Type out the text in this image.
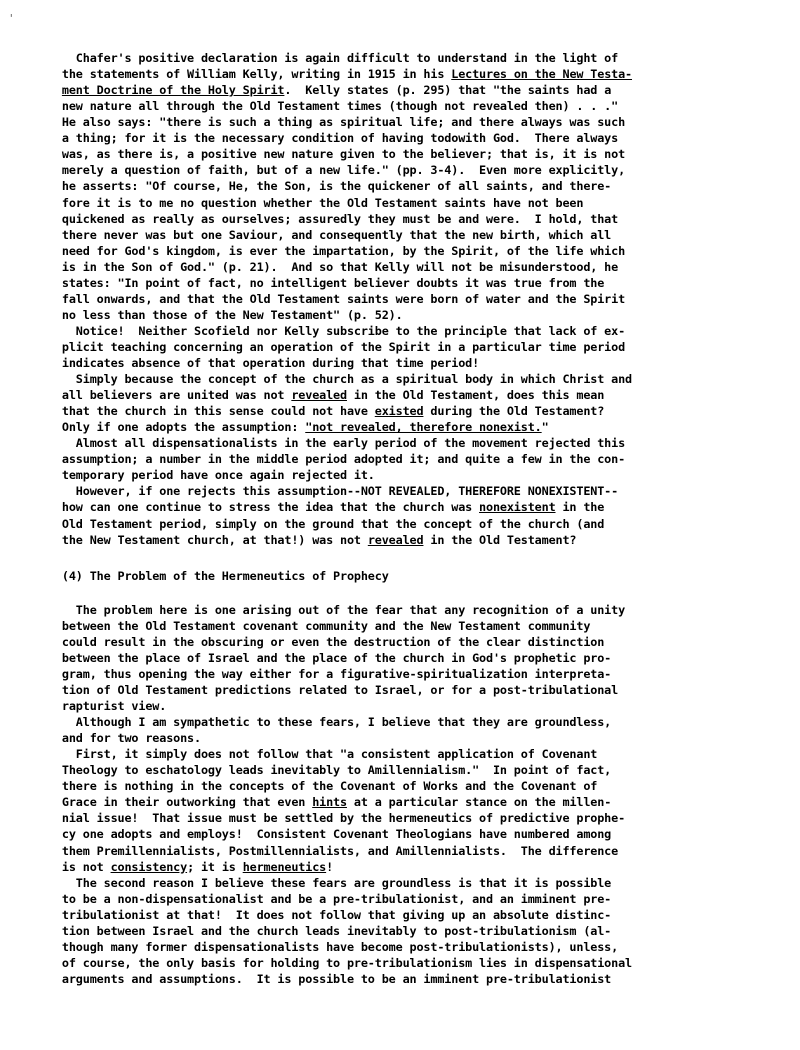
'
Chafer's positive declaration is again difficult to understand in the light of
the statements of William Kelly, writing in 1915 in his Lectures on the New Testa-
ment Doctrine of the Holy Spirit.  Kelly states (p. 295) that "the saints had a
new nature all through the Old Testament times (though not revealed then) . . ."
He also says: "there is such a thing as spiritual life; and there always was such
a thing; for it is the necessary condition of having todowith God.  There always
was, as there is, a positive new nature given to the believer; that is, it is not
merely a question of faith, but of a new life." (pp. 3-4).  Even more explicitly,
he asserts: "Of course, He, the Son, is the quickener of all saints, and there-
fore it is to me no question whether the Old Testament saints have not been
quickened as really as ourselves; assuredly they must be and were.  I hold, that
there never was but one Saviour, and consequently that the new birth, which all
need for God's kingdom, is ever the impartation, by the Spirit, of the life which
is in the Son of God." (p. 21).  And so that Kelly will not be misunderstood, he
states: "In point of fact, no intelligent believer doubts it was true from the
fall onwards, and that the Old Testament saints were born of water and the Spirit
no less than those of the New Testament" (p. 52).
Notice!  Neither Scofield nor Kelly subscribe to the principle that lack of ex-
plicit teaching concerning an operation of the Spirit in a particular time period
indicates absence of that operation during that time period!
Simply because the concept of the church as a spiritual body in which Christ and
all believers are united was not revealed in the Old Testament, does this mean
that the church in this sense could not have existed during the Old Testament?
Only if one adopts the assumption: "not revealed, therefore nonexist."
Almost all dispensationalists in the early period of the movement rejected this
assumption; a number in the middle period adopted it; and quite a few in the con-
temporary period have once again rejected it.
However, if one rejects this assumption--NOT REVEALED, THEREFORE NONEXISTENT--
how can one continue to stress the idea that the church was nonexistent in the
Old Testament period, simply on the ground that the concept of the church (and
the New Testament church, at that!) was not revealed in the Old Testament?
(4) The Problem of the Hermeneutics of Prophecy
The problem here is one arising out of the fear that any recognition of a unity
between the Old Testament covenant community and the New Testament community
could result in the obscuring or even the destruction of the clear distinction
between the place of Israel and the place of the church in God's prophetic pro-
gram, thus opening the way either for a figurative-spiritualization interpreta-
tion of Old Testament predictions related to Israel, or for a post-tribulational
rapturist view.
Although I am sympathetic to these fears, I believe that they are groundless,
and for two reasons.
First, it simply does not follow that "a consistent application of Covenant
Theology to eschatology leads inevitably to Amillennialism."  In point of fact,
there is nothing in the concepts of the Covenant of Works and the Covenant of
Grace in their outworking that even hints at a particular stance on the millen-
nial issue!  That issue must be settled by the hermeneutics of predictive prophe-
cy one adopts and employs!  Consistent Covenant Theologians have numbered among
them Premillennialists, Postmillennialists, and Amillennialists.  The difference
is not consistency; it is hermeneutics!
The second reason I believe these fears are groundless is that it is possible
to be a non-dispensationalist and be a pre-tribulationist, and an imminent pre-
tribulationist at that!  It does not follow that giving up an absolute distinc-
tion between Israel and the church leads inevitably to post-tribulationism (al-
though many former dispensationalists have become post-tribulationists), unless,
of course, the only basis for holding to pre-tribulationism lies in dispensational
arguments and assumptions.  It is possible to be an imminent pre-tribulationist
